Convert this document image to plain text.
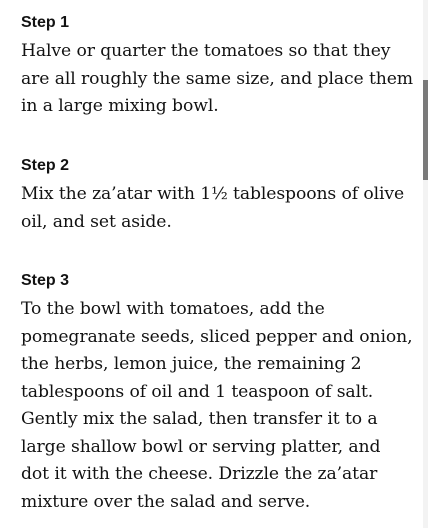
Step 1

Halve or quarter the tomatoes so that they are all roughly the same size, and place them in a large mixing bowl.

Step 2

Mix the za’atar with 1½ tablespoons of olive oil, and set aside.

Step 3

To the bowl with tomatoes, add the pomegranate seeds, sliced pepper and onion, the herbs, lemon juice, the remaining 2 tablespoons of oil and 1 teaspoon of salt. Gently mix the salad, then transfer it to a large shallow bowl or serving platter, and dot it with the cheese. Drizzle the za’atar mixture over the salad and serve.
